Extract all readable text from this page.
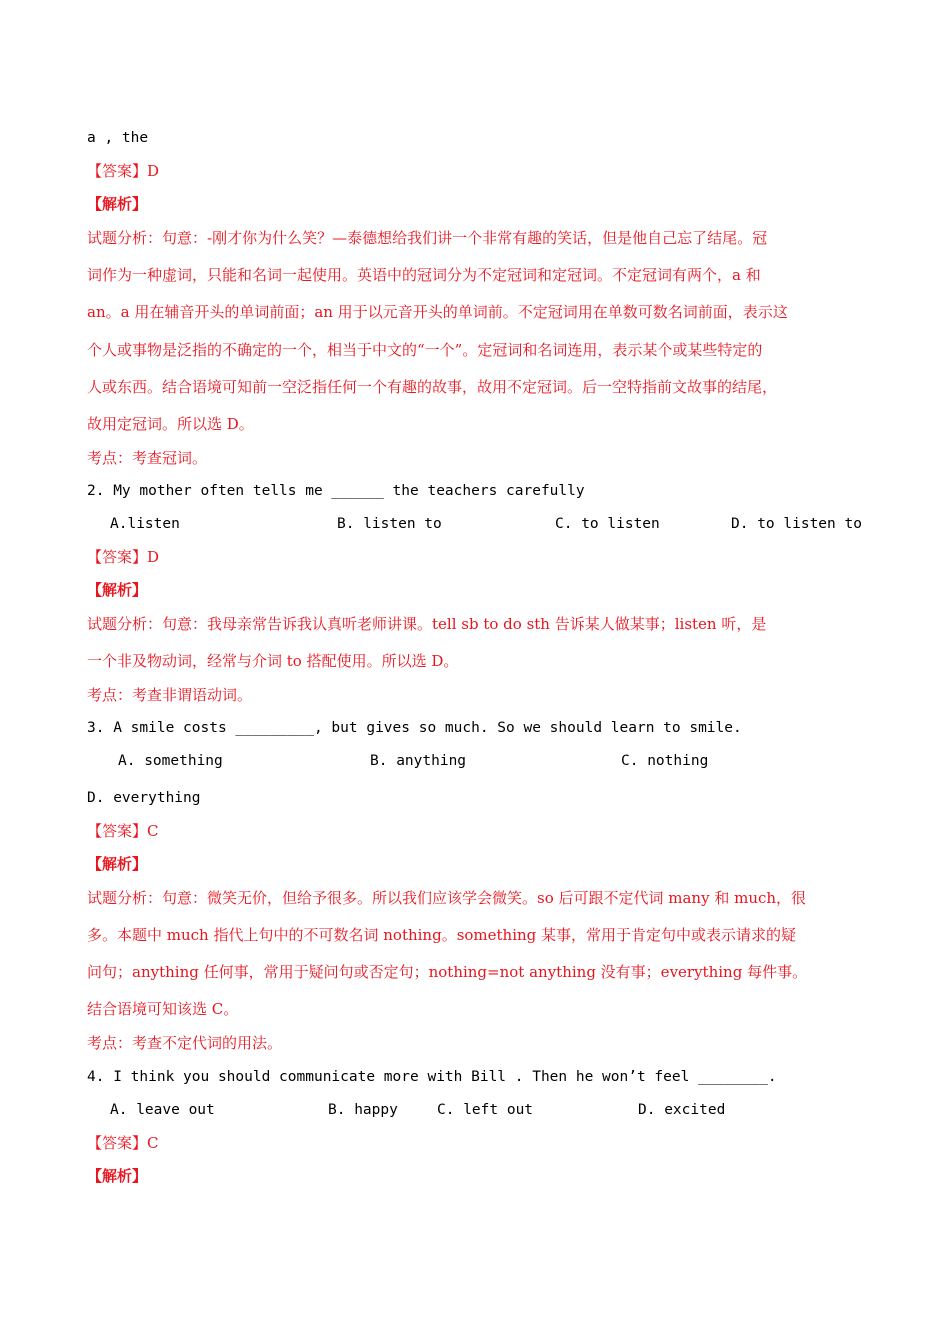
a , the
【答案】D
【解析】
试题分析：句意：-刚才你为什么笑？—泰德想给我们讲一个非常有趣的笑话，但是他自己忘了结尾。冠
词作为一种虚词，只能和名词一起使用。英语中的冠词分为不定冠词和定冠词。不定冠词有两个，a 和
an。a 用在辅音开头的单词前面；an 用于以元音开头的单词前。不定冠词用在单数可数名词前面，表示这
个人或事物是泛指的不确定的一个，相当于中文的“一个”。定冠词和名词连用，表示某个或某些特定的
人或东西。结合语境可知前一空泛指任何一个有趣的故事，故用不定冠词。后一空特指前文故事的结尾，
故用定冠词。所以选 D。
考点：考查冠词。
2. My mother often tells me ______ the teachers carefully
A.listen	B. listen to	C. to listen	D. to listen to
【答案】D
【解析】
试题分析：句意：我母亲常告诉我认真听老师讲课。tell sb to do sth 告诉某人做某事；listen 听，是
一个非及物动词，经常与介词 to 搭配使用。所以选 D。
考点：考查非谓语动词。
3. A smile costs _________, but gives so much. So we should learn to smile.
A. something	B. anything	C. nothing
D. everything
【答案】C
【解析】
试题分析：句意：微笑无价，但给予很多。所以我们应该学会微笑。so 后可跟不定代词 many 和 much，很
多。本题中 much 指代上句中的不可数名词 nothing。something 某事，常用于肯定句中或表示请求的疑
问句；anything 任何事，常用于疑问句或否定句；nothing=not anything 没有事；everything 每件事。
结合语境可知该选 C。
考点：考查不定代词的用法。
4. I think you should communicate more with Bill . Then he won’t feel ________.
A. leave out	B. happy	C. left out	D. excited
【答案】C
【解析】
